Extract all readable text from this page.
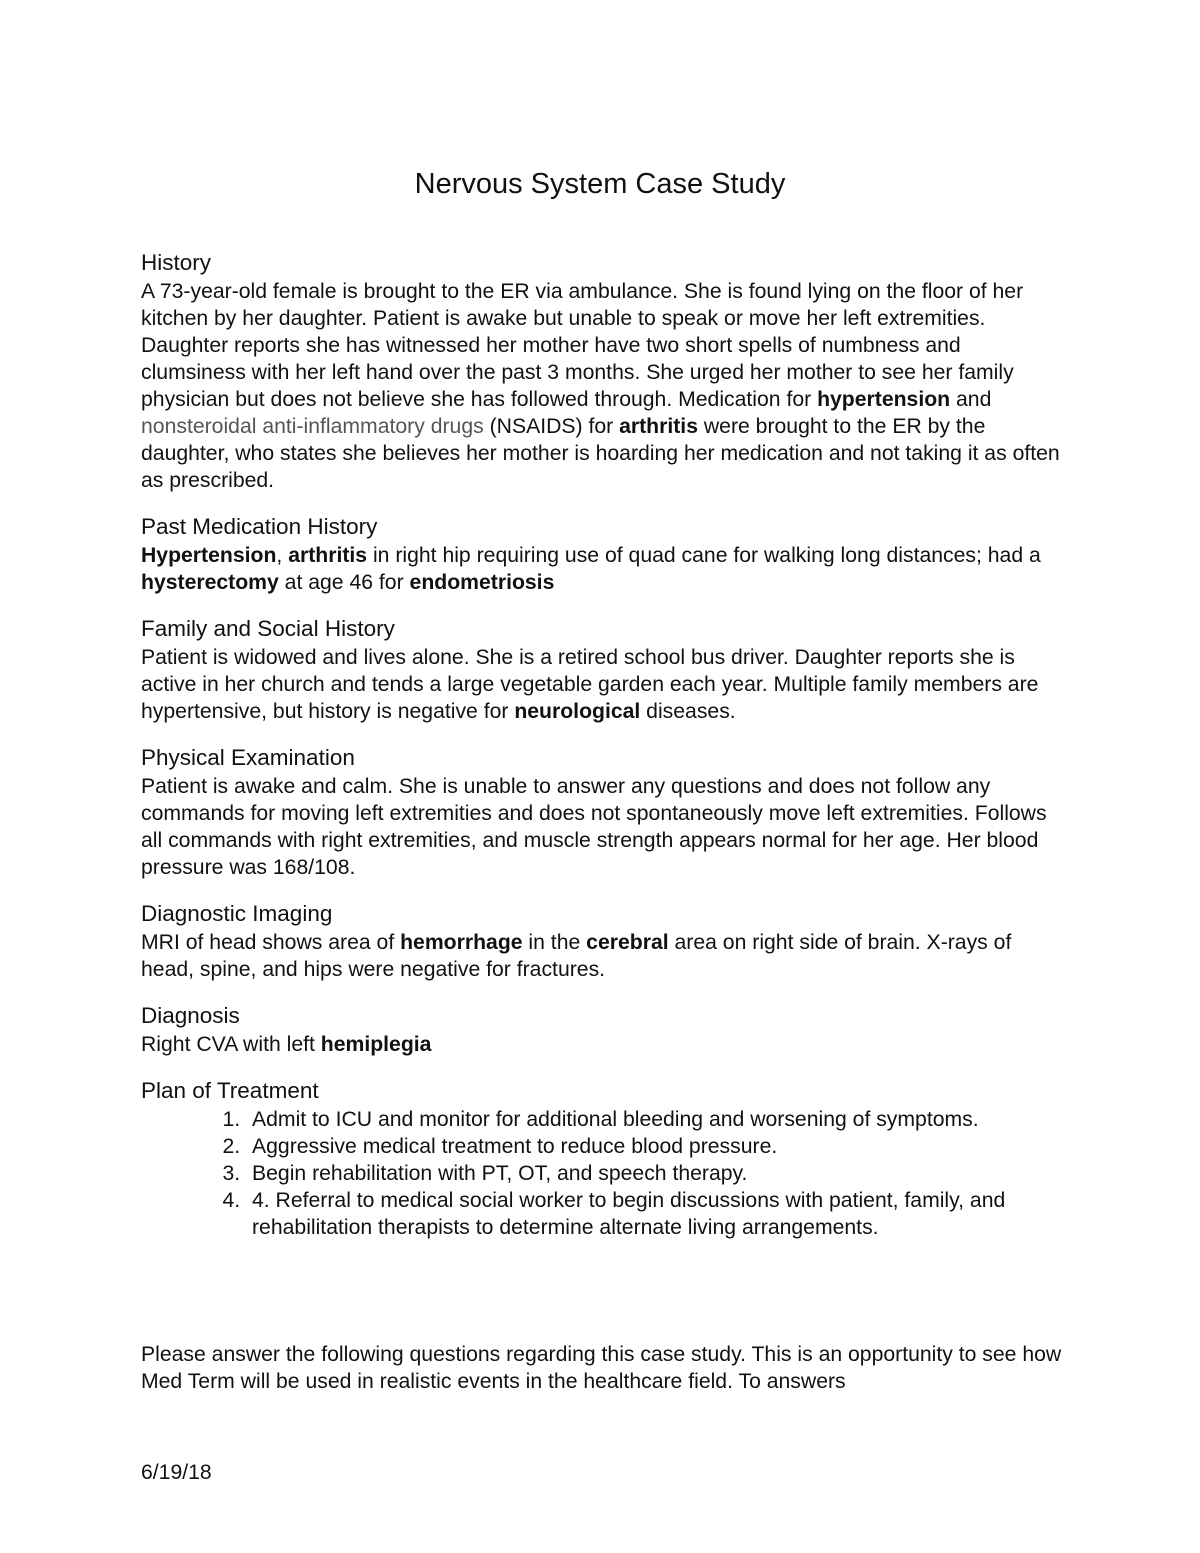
Nervous System Case Study
History

A 73-year-old female is brought to the ER via ambulance. She is found lying on the floor of her kitchen by her daughter. Patient is awake but unable to speak or move her left extremities. Daughter reports she has witnessed her mother have two short spells of numbness and clumsiness with her left hand over the past 3 months. She urged her mother to see her family physician but does not believe she has followed through. Medication for hypertension and nonsteroidal anti-inflammatory drugs (NSAIDS) for arthritis were brought to the ER by the daughter, who states she believes her mother is hoarding her medication and not taking it as often as prescribed.

Past Medication History

Hypertension, arthritis in right hip requiring use of quad cane for walking long distances; had a hysterectomy at age 46 for endometriosis

Family and Social History

Patient is widowed and lives alone. She is a retired school bus driver. Daughter reports she is active in her church and tends a large vegetable garden each year. Multiple family members are hypertensive, but history is negative for neurological diseases.

Physical Examination

Patient is awake and calm. She is unable to answer any questions and does not follow any commands for moving left extremities and does not spontaneously move left extremities. Follows all commands with right extremities, and muscle strength appears normal for her age. Her blood pressure was 168/108.

Diagnostic Imaging

MRI of head shows area of hemorrhage in the cerebral area on right side of brain. X-rays of head, spine, and hips were negative for fractures.

Diagnosis

Right CVA with left hemiplegia

Plan of Treatment
1. Admit to ICU and monitor for additional bleeding and worsening of symptoms.
2. Aggressive medical treatment to reduce blood pressure.
3. Begin rehabilitation with PT, OT, and speech therapy.
4. 4. Referral to medical social worker to begin discussions with patient, family, and rehabilitation therapists to determine alternate living arrangements.

Please answer the following questions regarding this case study. This is an opportunity to see how Med Term will be used in realistic events in the healthcare field. To answers

6/19/18
